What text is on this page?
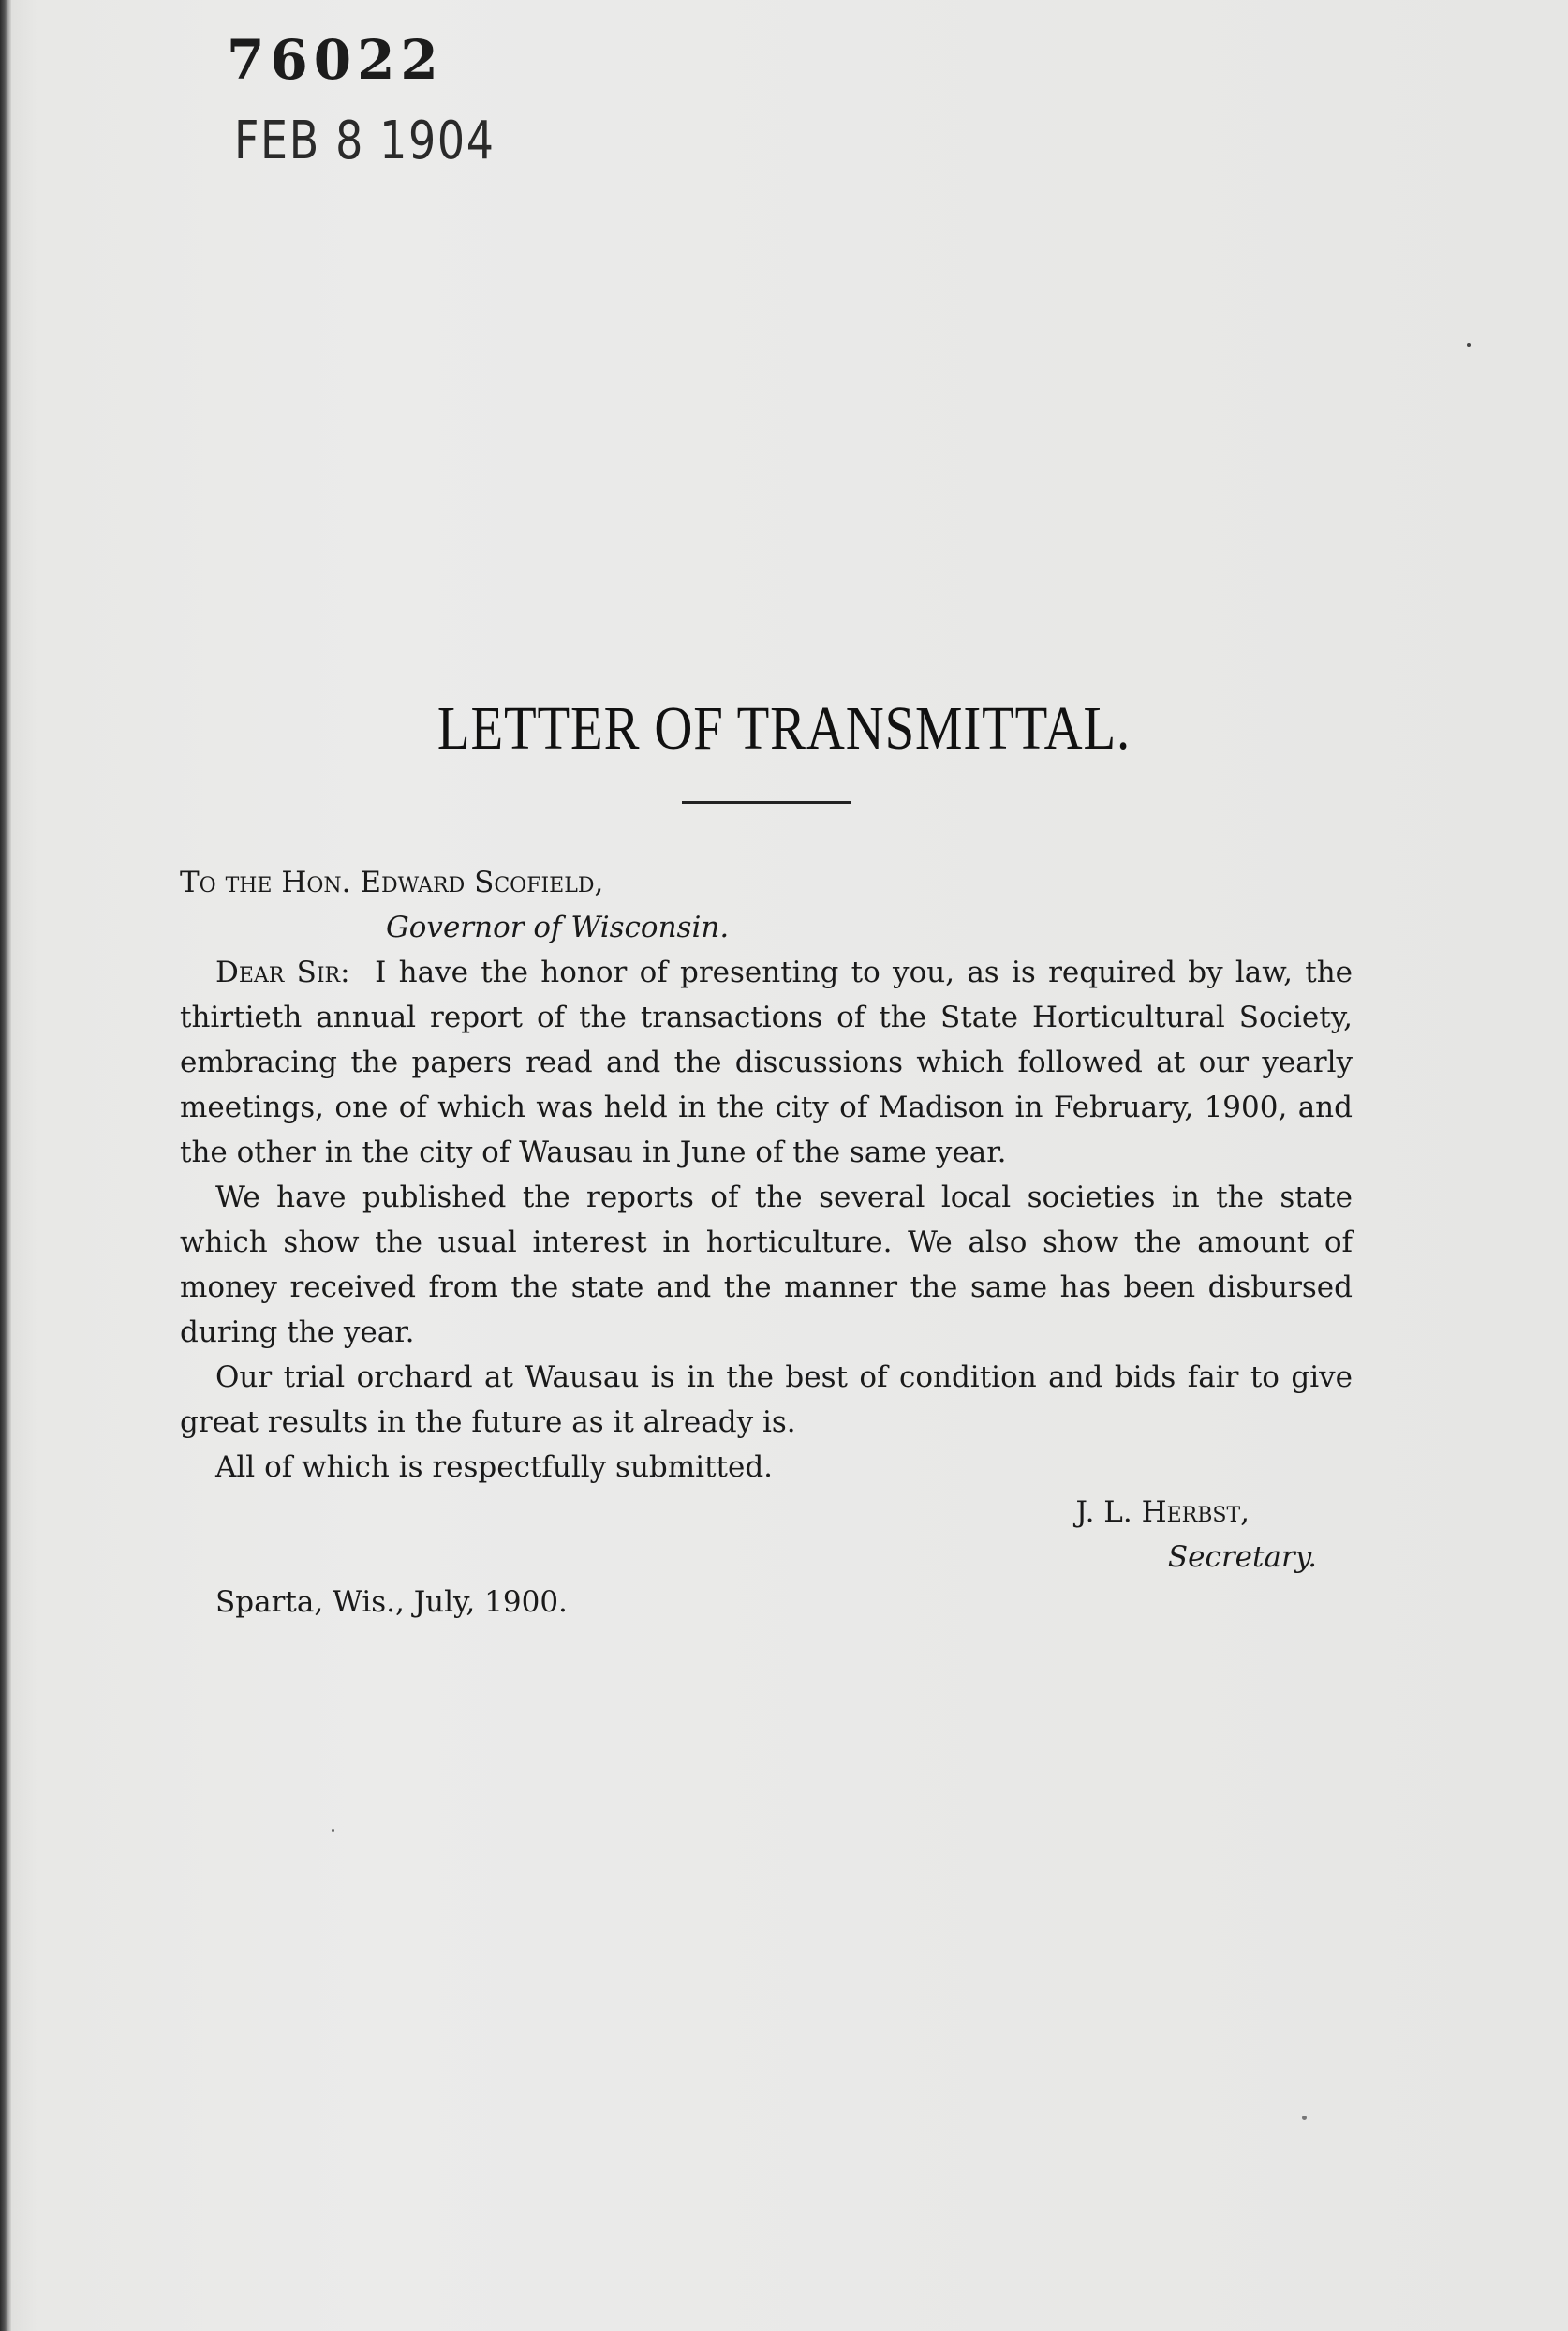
76022
FEB 8 1904
LETTER OF TRANSMITTAL.
To the Hon. Edward Scofield,
Governor of Wisconsin.

Dear Sir: I have the honor of presenting to you, as is required by law, the thirtieth annual report of the transactions of the State Horticultural Society, embracing the papers read and the discussions which followed at our yearly meetings, one of which was held in the city of Madison in February, 1900, and the other in the city of Wausau in June of the same year.

We have published the reports of the several local societies in the state which show the usual interest in horticulture. We also show the amount of money received from the state and the manner the same has been disbursed during the year.

Our trial orchard at Wausau is in the best of condition and bids fair to give great results in the future as it already is.

All of which is respectfully submitted.

J. L. Herbst,
Secretary.
Sparta, Wis., July, 1900.
